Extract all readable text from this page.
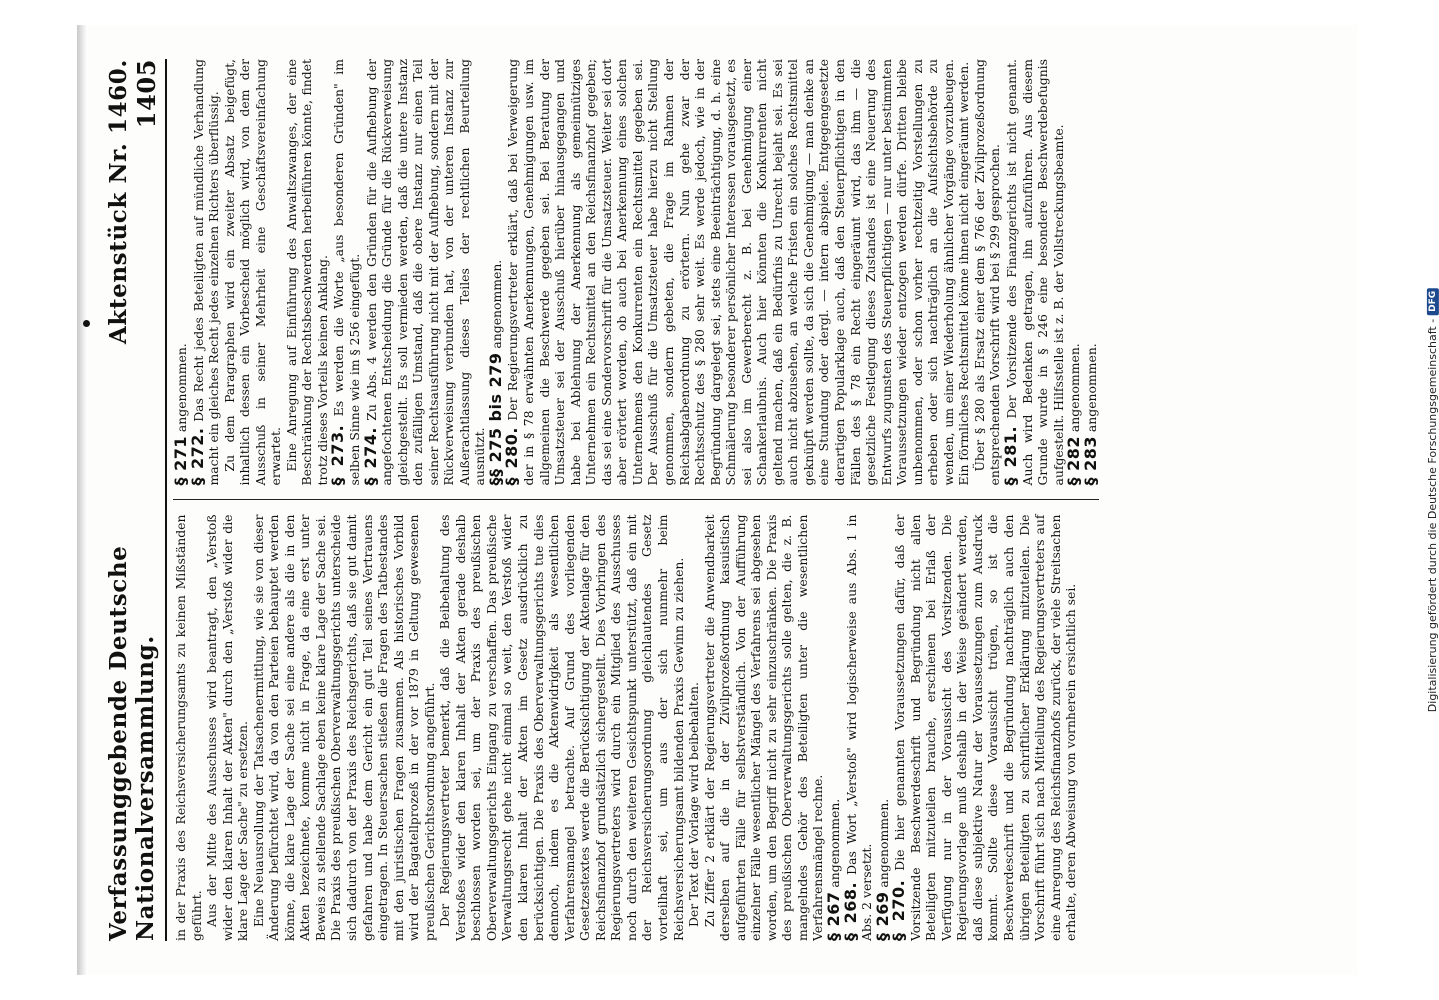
Verfassunggebende Deutsche Nationalversammlung.
Aktenstück Nr. 1460.       1405

in der Praxis des Reichsversicherungsamts zu keinen Mißständen geführt. Aus der Mitte des Ausschusses wird beantragt, den „Verstoß wider den klaren Inhalt der Akten" durch den „Verstoß wider die klare Lage der Sache" zu ersetzen. Eine Neuausrollung der Tatsachenermittlung, wie sie von dieser Änderung befürchtet wird, da von den Parteien behauptet werden könne, die klare Lage der Sache sei eine andere als die in den Akten bezeichnete, komme nicht in Frage, da eine erst unter Beweis zu stellende Sachlage eben keine klare Lage der Sache sei. Die Praxis des preußischen Oberverwaltungsgerichts unterscheide sich dadurch von der Praxis des Reichsgerichts, daß sie gut damit gefahren und habe dem Gericht ein gut Teil seines Vertrauens eingetragen. In Steuersachen stießen die Fragen des Tatbestandes mit den juristischen Fragen zusammen. Als historisches Vorbild wird der Bagatellprozeß in der vor 1879 in Geltung gewesenen preußischen Gerichtsordnung angeführt. Der Regierungsvertreter bemerkt, daß die Beibehaltung des Verstoßes wider den klaren Inhalt der Akten gerade deshalb beschlossen worden sei, um der Praxis des preußischen Oberverwaltungsgerichts Eingang zu verschaffen. Das preußische Verwaltungsrecht gehe nicht einmal so weit, den Verstoß wider den klaren Inhalt der Akten im Gesetz ausdrücklich zu berücksichtigen. Die Praxis des Oberverwaltungsgerichts tue dies dennoch, indem es die Aktenwidrigkeit als wesentlichen Verfahrensmangel betrachte. Auf Grund des vorliegenden Gesetzestextes werde die Berücksichtigung der Aktenlage für den Reichsfinanzhof grundsätzlich sichergestellt. Dies Vorbringen des Regierungsvertreters wird durch ein Mitglied des Ausschusses noch durch den weiteren Gesichtspunkt unterstützt, daß ein mit der Reichsversicherungsordnung gleichlautendes Gesetz vorteilhaft sei, um aus der sich nunmehr beim Reichsversicherungsamt bildenden Praxis Gewinn zu ziehen. Der Text der Vorlage wird beibehalten. Zu Ziffer 2 erklärt der Regierungsvertreter die Anwendbarkeit derselben auf die in der Zivilprozeßordnung kasuistisch aufgeführten Fälle für selbstverständlich. Von der Aufführung einzelner Fälle wesentlicher Mängel des Verfahrens sei abgesehen worden, um den Begriff nicht zu sehr einzuschränken. Die Praxis des preußischen Oberverwaltungsgerichts solle gelten, die z. B. mangelndes Gehör des Beteiligten unter die wesentlichen Verfahrensmängel rechne.

§ 267 angenommen.

§ 268. Das Wort „Verstoß" wird logischerweise aus Abs. 1 in Abs. 2 versetzt.

§ 269 angenommen.

§ 270. Die hier genannten Voraussetzungen dafür, daß der Vorsitzende Beschwerdeschrift und Begründung nicht allen Beteiligten mitzuteilen brauche, erschienen bei Erlaß der Verfügung nur in der Voraussicht des Vorsitzenden. Die Regierungsvorlage muß deshalb in der Weise geändert werden, daß diese subjektive Natur der Voraussetzungen zum Ausdruck kommt. Sollte diese Voraussicht trügen, so ist die Beschwerdeschrift und die Begründung nachträglich auch den übrigen Beteiligten zu schriftlicher Erklärung mitzuteilen. Die Vorschrift führt sich nach Mitteilung des Regierungsvertreters auf eine Anregung des Reichsfinanzhofs zurück, der viele Streitsachen erhalte, deren Abweisung von vornherein ersichtlich sei.

§ 271 angenommen.

§ 272. Das Recht jedes Beteiligten auf mündliche Verhandlung macht ein gleiches Recht jedes einzelnen Richters überflüssig. Zu dem Paragraphen wird ein zweiter Absatz beigefügt, inhaltlich dessen ein Vorbescheid möglich wird, von dem der Ausschuß in seiner Mehrheit eine Geschäftsvereinfachung erwartet. Eine Anregung auf Einführung des Anwaltszwanges, der eine Beschränkung der Rechtsbeschwerden herbeiführen könnte, findet trotz dieses Vorteils keinen Anklang.

§ 273. Es werden die Worte „aus besonderen Gründen" im selben Sinne wie im § 256 eingefügt.

§ 274. Zu Abs. 4 werden den Gründen für die Aufhebung der angefochtenen Entscheidung die Gründe für die Rückverweisung gleichgestellt. Es soll vermieden werden, daß die untere Instanz den zufälligen Umstand, daß die obere Instanz nur einen Teil seiner Rechtsausführung nicht mit der Aufhebung, sondern mit der Rückverweisung verbunden hat, von der unteren Instanz zur Außerachtlassung dieses Teiles der rechtlichen Beurteilung ausnützt.

§§ 275 bis 279 angenommen.

§ 280. Der Regierungsvertreter erklärt, daß bei Verweigerung der in § 78 erwähnten Anerkennungen, Genehmigungen usw. im allgemeinen die Beschwerde gegeben sei. Bei Beratung der Umsatzsteuer sei der Ausschuß hierüber hinausgegangen und habe bei Ablehnung der Anerkennung als gemeinnütziges Unternehmen ein Rechtsmittel an den Reichsfinanzhof gegeben; das sei eine Sondervorschrift für die Umsatzsteuer. Weiter sei dort aber erörtert worden, ob auch bei Anerkennung eines solchen Unternehmens den Konkurrenten ein Rechtsmittel gegeben sei. Der Ausschuß für die Umsatzsteuer habe hierzu nicht Stellung genommen, sondern gebeten, die Frage im Rahmen der Reichsabgabenordnung zu erörtern. Nun gehe zwar der Rechtsschutz des § 280 sehr weit. Es werde jedoch, wie in der Begründung dargelegt sei, stets eine Beeinträchtigung, d. h. eine Schmälerung besonderer persönlicher Interessen vorausgesetzt, es sei also im Gewerberecht z. B. bei Genehmigung einer Schankerlaubnis. Auch hier könnten die Konkurrenten nicht geltend machen, daß ein Bedürfnis zu Unrecht bejaht sei. Es sei auch nicht abzusehen, an welche Fristen ein solches Rechtsmittel geknüpft werden sollte, da sich die Genehmigung — man denke an eine Stundung oder dergl. — intern abspiele. Entgegengesetzte derartigen Popularklage auch, daß den Steuerpflichtigen in den Fällen des § 78 ein Recht eingeräumt wird, das ihm — die gesetzliche Festlegung dieses Zustandes ist eine Neuerung des Entwurfs zugunsten des Steuerpflichtigen — nur unter bestimmten Voraussetzungen wieder entzogen werden dürfe. Dritten bleibe unbenommen, oder schon vorher rechtzeitig Vorstellungen zu erheben oder sich nachträglich an die Aufsichtsbehörde zu wenden, um einer Wiederholung ähnlicher Vorgänge vorzubeugen. Ein förmliches Rechtsmittel könne ihnen nicht eingeräumt werden. Über § 280 als Ersatz einer dem § 766 der Zivilprozeßordnung entsprechenden Vorschrift wird bei § 299 gesprochen.

§ 281. Der Vorsitzende des Finanzgerichts ist nicht genannt. Auch wird Bedenken getragen, ihn aufzuführen. Aus diesem Grunde wurde in § 246 eine besondere Beschwerdebefugnis aufgestellt. Hilfsstelle ist z. B. der Vollstreckungsbeamte.

§ 282 angenommen.

§ 283 angenommen.	Digitalisierung gefördert durch die Deutsche Forschungsgemeinschaft -
DFG
